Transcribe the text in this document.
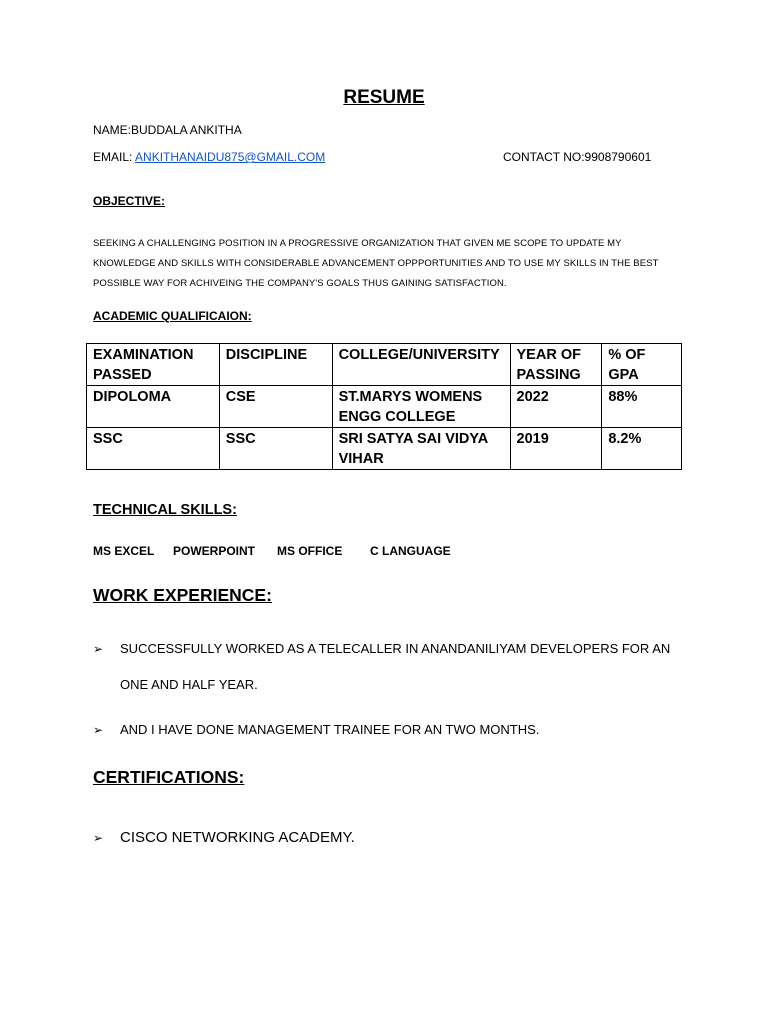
RESUME
NAME:BUDDALA ANKITHA
EMAIL: ANKITHANAIDU875@GMAIL.COM	CONTACT NO:9908790601
OBJECTIVE:
SEEKING A CHALLENGING POSITION IN A PROGRESSIVE ORGANIZATION THAT GIVEN ME SCOPE TO UPDATE MY
KNOWLEDGE AND SKILLS WITH CONSIDERABLE ADVANCEMENT OPPPORTUNITIES AND TO USE MY SKILLS IN THE BEST
POSSIBLE WAY FOR ACHIVEING THE COMPANY'S GOALS THUS GAINING SATISFACTION.
ACADEMIC QUALIFICAION:
EXAMINATION PASSED	DISCIPLINE	COLLEGE/UNIVERSITY	YEAR OF PASSING	% OF GPA
DIPOLOMA	CSE	ST.MARYS WOMENS ENGG COLLEGE	2022	88%
SSC	SSC	SRI SATYA SAI VIDYA VIHAR	2019	8.2%
TECHNICAL SKILLS:
MS EXCEL POWERPOINT MS OFFICE C LANGUAGE
WORK EXPERIENCE:
➢ SUCCESSFULLY WORKED AS A TELECALLER IN ANANDANILIYAM DEVELOPERS FOR AN
ONE AND HALF YEAR.
➢ AND I HAVE DONE MANAGEMENT TRAINEE FOR AN TWO MONTHS.
CERTIFICATIONS:
➢ CISCO NETWORKING ACADEMY.
